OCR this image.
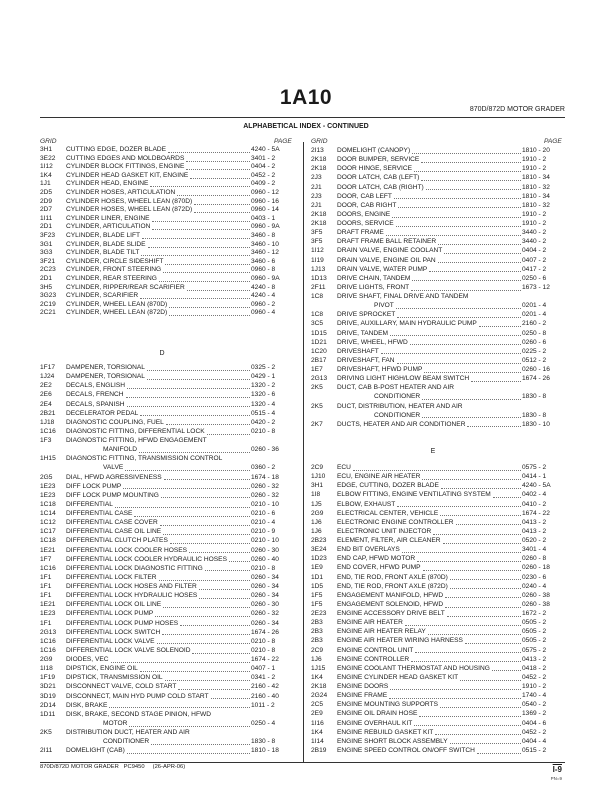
1A10
870D/872D MOTOR GRADER
ALPHABETICAL INDEX - CONTINUED
GRID	PAGE	GRID	PAGE
3H1	CUTTING EDGE, DOZER BLADE	4240 - 5A
3E22	CUTTING EDGES AND MOLDBOARDS	3401 - 2
1I12	CYLINDER BLOCK FITTINGS, ENGINE	0404 - 2
1K4	CYLINDER HEAD GASKET KIT, ENGINE	0452 - 2
1J1	CYLINDER HEAD, ENGINE	0409 - 2
2D5	CYLINDER HOSES, ARTICULATION	0960 - 12
2D9	CYLINDER HOSES, WHEEL LEAN (870D)	0960 - 16
2D7	CYLINDER HOSES, WHEEL LEAN (872D)	0960 - 14
1I11	CYLINDER LINER, ENGINE	0403 - 1
2D1	CYLINDER, ARTICULATION	0960 - 9A
3F23	CYLINDER, BLADE LIFT	3460 - 8
3G1	CYLINDER, BLADE SLIDE	3460 - 10
3G3	CYLINDER, BLADE TILT	3460 - 12
3F21	CYLINDER, CIRCLE SIDESHIFT	3460 - 6
2C23	CYLINDER, FRONT STEERING	0960 - 8
2D1	CYLINDER, REAR STEERING	0960 - 9A
3H5	CYLINDER, RIPPER/REAR SCARIFIER	4240 - 8
3G23	CYLINDER, SCARIFIER	4240 - 4
2C19	CYLINDER, WHEEL LEAN (870D)	0960 - 2
2C21	CYLINDER, WHEEL LEAN (872D)	0960 - 4
D
1F17	DAMPENER, TORSIONAL	0325 - 2
1J24	DAMPENER, TORSIONAL	0429 - 1
2E2	DECALS, ENGLISH	1320 - 2
2E6	DECALS, FRENCH	1320 - 6
2E4	DECALS, SPANISH	1320 - 4
2B21	DECELERATOR PEDAL	0515 - 4
1J18	DIAGNOSTIC COUPLING, FUEL	0420 - 2
1C16	DIAGNOSTIC FITTING, DIFFERENTIAL LOCK	0210 - 8
1F3	DIAGNOSTIC FITTING, HFWD ENGAGEMENT
MANIFOLD	0260 - 36
1H15	DIAGNOSTIC FITTING, TRANSMISSION CONTROL
VALVE	0360 - 2
2G5	DIAL, HFWD AGRESSIVENESS	1674 - 18
1E23	DIFF LOCK PUMP	0260 - 32
1E23	DIFF LOCK PUMP MOUNTING	0260 - 32
1C18	DIFFERENTIAL	0210 - 10
1C14	DIFFERENTIAL CASE	0210 - 6
1C12	DIFFERENTIAL CASE COVER	0210 - 4
1C17	DIFFERENTIAL CASE OIL LINE	0210 - 9
1C18	DIFFERENTIAL CLUTCH PLATES	0210 - 10
1E21	DIFFERENTIAL LOCK COOLER HOSES	0260 - 30
1F7	DIFFERENTIAL LOCK COOLER HYDRAULIC HOSES	0260 - 40
1C16	DIFFERENTIAL LOCK DIAGNOSTIC FITTING	0210 - 8
1F1	DIFFERENTIAL LOCK FILTER	0260 - 34
1F1	DIFFERENTIAL LOCK HOSES AND FILTER	0260 - 34
1F1	DIFFERENTIAL LOCK HYDRAULIC HOSES	0260 - 34
1E21	DIFFERENTIAL LOCK OIL LINE	0260 - 30
1E23	DIFFERENTIAL LOCK PUMP	0260 - 32
1F1	DIFFERENTIAL LOCK PUMP HOSES	0260 - 34
2G13	DIFFERENTIAL LOCK SWITCH	1674 - 26
1C16	DIFFERENTIAL LOCK VALVE	0210 - 8
1C16	DIFFERENTIAL LOCK VALVE SOLENOID	0210 - 8
2G9	DIODES, VEC	1674 - 22
1I18	DIPSTICK, ENGINE OIL	0407 - 1
1F19	DIPSTICK, TRANSMISSION OIL	0341 - 2
3D21	DISCONNECT VALVE, COLD START	2160 - 42
3D19	DISCONNECT, MAIN HYD PUMP COLD START	2160 - 40
2D14	DISK, BRAKE	1011 - 2
1D11	DISK, BRAKE, SECOND STAGE PINION, HFWD
MOTOR	0250 - 4
2K5	DISTRIBUTION DUCT, HEATER AND AIR
CONDITIONER	1830 - 8
2I11	DOMELIGHT (CAB)	1810 - 18
2I13	DOMELIGHT (CANOPY)	1810 - 20
2K18	DOOR BUMPER, SERVICE	1910 - 2
2K18	DOOR HINGE, SERVICE	1910 - 2
2J3	DOOR LATCH, CAB (LEFT)	1810 - 34
2J1	DOOR LATCH, CAB (RIGHT)	1810 - 32
2J3	DOOR, CAB LEFT	1810 - 34
2J1	DOOR, CAB RIGHT	1810 - 32
2K18	DOORS, ENGINE	1910 - 2
2K18	DOORS, SERVICE	1910 - 2
3F5	DRAFT FRAME	3440 - 2
3F5	DRAFT FRAME BALL RETAINER	3440 - 2
1I12	DRAIN VALVE, ENGINE COOLANT	0404 - 2
1I19	DRAIN VALVE, ENGINE OIL PAN	0407 - 2
1J13	DRAIN VALVE, WATER PUMP	0417 - 2
1D13	DRIVE CHAIN, TANDEM	0250 - 6
2F11	DRIVE LIGHTS, FRONT	1673 - 12
1C8	DRIVE SHAFT, FINAL DRIVE AND TANDEM
PIVOT	0201 - 4
1C8	DRIVE SPROCKET	0201 - 4
3C5	DRIVE, AUXILLARY, MAIN HYDRAULIC PUMP	2160 - 2
1D15	DRIVE, TANDEM	0250 - 8
1D21	DRIVE, WHEEL, HFWD	0260 - 6
1C20	DRIVESHAFT	0225 - 2
2B17	DRIVESHAFT, FAN	0512 - 2
1E7	DRIVESHAFT, HFWD PUMP	0260 - 16
2G13	DRIVING LIGHT HIGH/LOW BEAM SWITCH	1674 - 26
2K5	DUCT, CAB B-POST HEATER AND AIR
CONDITIONER	1830 - 8
2K5	DUCT, DISTRIBUTION, HEATER AND AIR
CONDITIONER	1830 - 8
2K7	DUCTS, HEATER AND AIR CONDITIONER	1830 - 10
E
2C9	ECU	0575 - 2
1J10	ECU, ENGINE AIR HEATER	0414 - 1
3H1	EDGE, CUTTING, DOZER BLADE	4240 - 5A
1I8	ELBOW FITTING, ENGINE VENTILATING SYSTEM	0402 - 4
1J5	ELBOW, EXHAUST	0410 - 2
2G9	ELECTRICAL CENTER, VEHICLE	1674 - 22
1J6	ELECTRONIC ENGINE CONTROLLER	0413 - 2
1J6	ELECTRONIC UNIT INJECTOR	0413 - 2
2B23	ELEMENT, FILTER, AIR CLEANER	0520 - 2
3E24	END BIT OVERLAYS	3401 - 4
1D23	END CAP, HFWD MOTOR	0260 - 8
1E9	END COVER, HFWD PUMP	0260 - 18
1D1	END, TIE ROD, FRONT AXLE (870D)	0230 - 6
1D5	END, TIE ROD, FRONT AXLE (872D)	0240 - 4
1F5	ENGAGEMENT MANIFOLD, HFWD	0260 - 38
1F5	ENGAGEMENT SOLENOID, HFWD	0260 - 38
2E23	ENGINE ACCESSORY DRIVE BELT	1672 - 2
2B3	ENGINE AIR HEATER	0505 - 2
2B3	ENGINE AIR HEATER RELAY	0505 - 2
2B3	ENGINE AIR HEATER WIRING HARNESS	0505 - 2
2C9	ENGINE CONTROL UNIT	0575 - 2
1J6	ENGINE CONTROLLER	0413 - 2
1J15	ENGINE COOLANT THERMOSTAT AND HOUSING	0418 - 2
1K4	ENGINE CYLINDER HEAD GASKET KIT	0452 - 2
2K18	ENGINE DOORS	1910 - 2
2G24	ENGINE FRAME	1740 - 4
2C5	ENGINE MOUNTING SUPPORTS	0540 - 2
2E9	ENGINE OIL DRAIN HOSE	1369 - 2
1I16	ENGINE OVERHAUL KIT	0404 - 6
1K4	ENGINE REBUILD GASKET KIT	0452 - 2
1I14	ENGINE SHORT BLOCK ASSEMBLY	0404 - 4
2B19	ENGINE SPEED CONTROL ON/OFF SWITCH	0515 - 2
870D/872D MOTOR GRADER   PC9450     (26-APR-06)	I-9
PN=9
